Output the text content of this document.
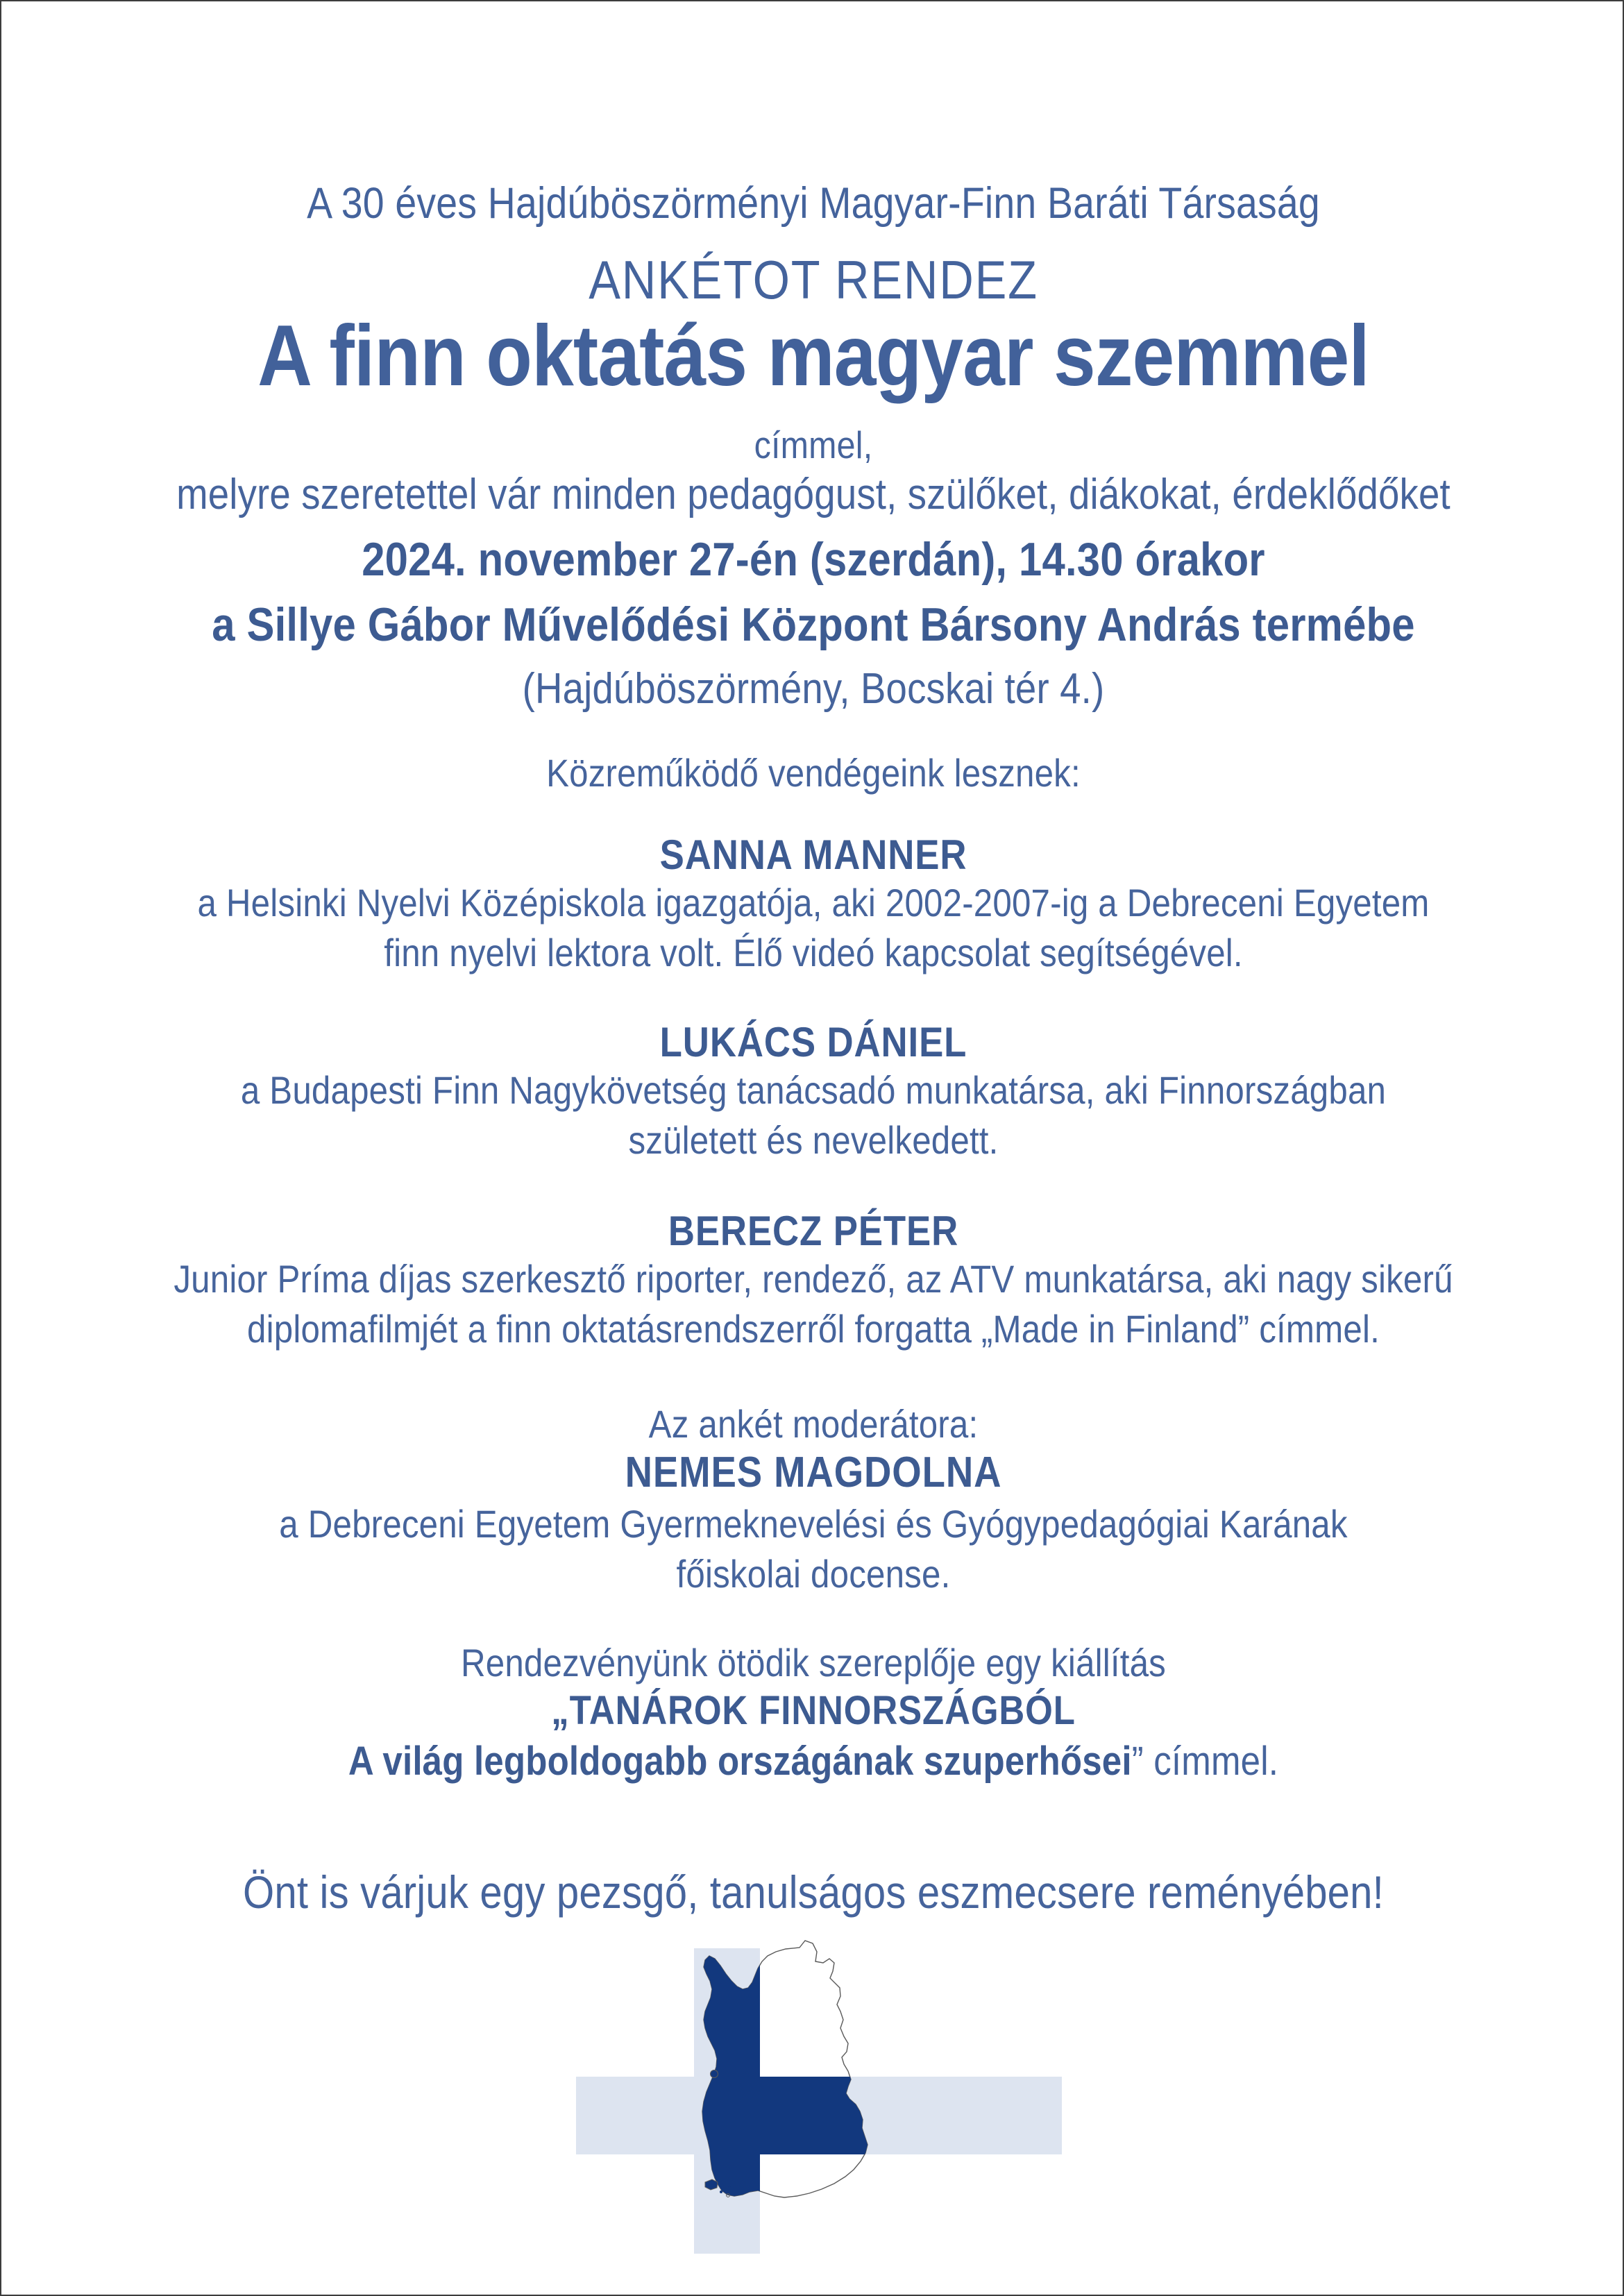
A 30 éves Hajdúböszörményi Magyar-Finn Baráti Társaság
ANKÉTOT RENDEZ
A finn oktatás magyar szemmel
címmel,
melyre szeretettel vár minden pedagógust, szülőket, diákokat, érdeklődőket
2024. november 27-én (szerdán), 14.30 órakor
a Sillye Gábor Művelődési Központ Bársony András termébe
(Hajdúböszörmény, Bocskai tér 4.)
Közreműködő vendégeink lesznek:
SANNA MANNER
a Helsinki Nyelvi Középiskola igazgatója, aki 2002-2007-ig a Debreceni Egyetem
finn nyelvi lektora volt. Élő videó kapcsolat segítségével.
LUKÁCS DÁNIEL
a Budapesti Finn Nagykövetség tanácsadó munkatársa, aki Finnországban
született és nevelkedett.
BERECZ PÉTER
Junior Príma díjas szerkesztő riporter, rendező, az ATV munkatársa, aki nagy sikerű
diplomafilmjét a finn oktatásrendszerről forgatta „Made in Finland” címmel.
Az ankét moderátora:
NEMES MAGDOLNA
a Debreceni Egyetem Gyermeknevelési és Gyógypedagógiai Karának
főiskolai docense.
Rendezvényünk ötödik szereplője egy kiállítás
„TANÁROK FINNORSZÁGBÓL
A világ legboldogabb országának szuperhősei” címmel.
Önt is várjuk egy pezsgő, tanulságos eszmecsere reményében!
